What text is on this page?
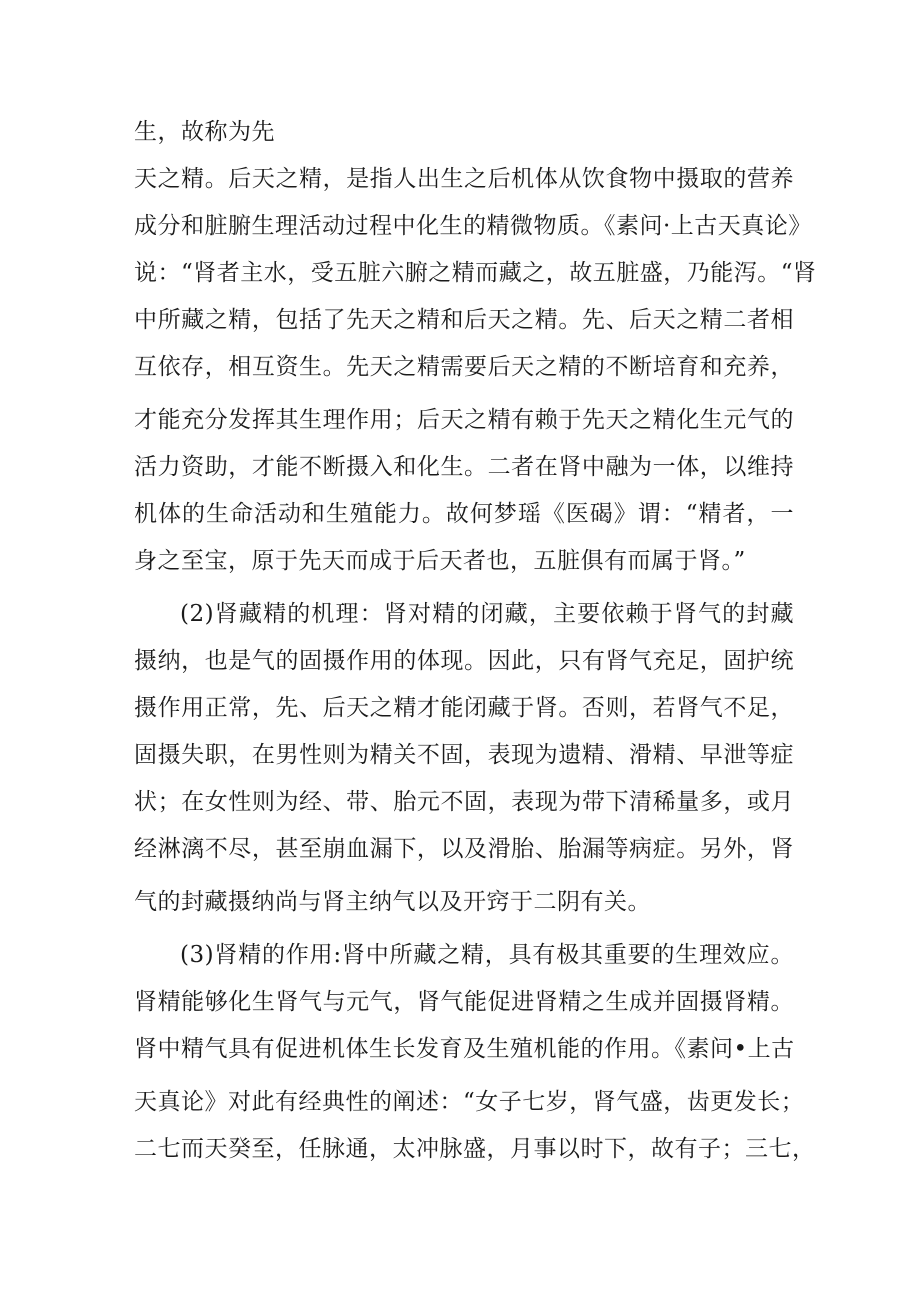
生，故称为先
天之精。后天之精，是指人出生之后机体从饮食物中摄取的营养
成分和脏腑生理活动过程中化生的精微物质。《素问·上古天真论》
说：“肾者主水，受五脏六腑之精而藏之，故五脏盛，乃能泻。“肾
中所藏之精，包括了先天之精和后天之精。先、后天之精二者相
互依存，相互资生。先天之精需要后天之精的不断培育和充养，
才能充分发挥其生理作用；后天之精有赖于先天之精化生元气的
活力资助，才能不断摄入和化生。二者在肾中融为一体，以维持
机体的生命活动和生殖能力。故何梦瑶《医碣》谓：“精者，一
身之至宝，原于先天而成于后天者也，五脏俱有而属于肾。”
(2)肾藏精的机理：肾对精的闭藏，主要依赖于肾气的封藏
摄纳，也是气的固摄作用的体现。因此，只有肾气充足，固护统
摄作用正常，先、后天之精才能闭藏于肾。否则，若肾气不足，
固摄失职，在男性则为精关不固，表现为遗精、滑精、早泄等症
状；在女性则为经、带、胎元不固，表现为带下清稀量多，或月
经淋漓不尽，甚至崩血漏下，以及滑胎、胎漏等病症。另外，肾
气的封藏摄纳尚与肾主纳气以及开窍于二阴有关。
(3)肾精的作用:肾中所藏之精，具有极其重要的生理效应。
肾精能够化生肾气与元气，肾气能促进肾精之生成并固摄肾精。
肾中精气具有促进机体生长发育及生殖机能的作用。《素问•上古
天真论》对此有经典性的阐述：“女子七岁，肾气盛，齿更发长；
二七而天癸至，任脉通，太冲脉盛，月事以时下，故有子；三七，
